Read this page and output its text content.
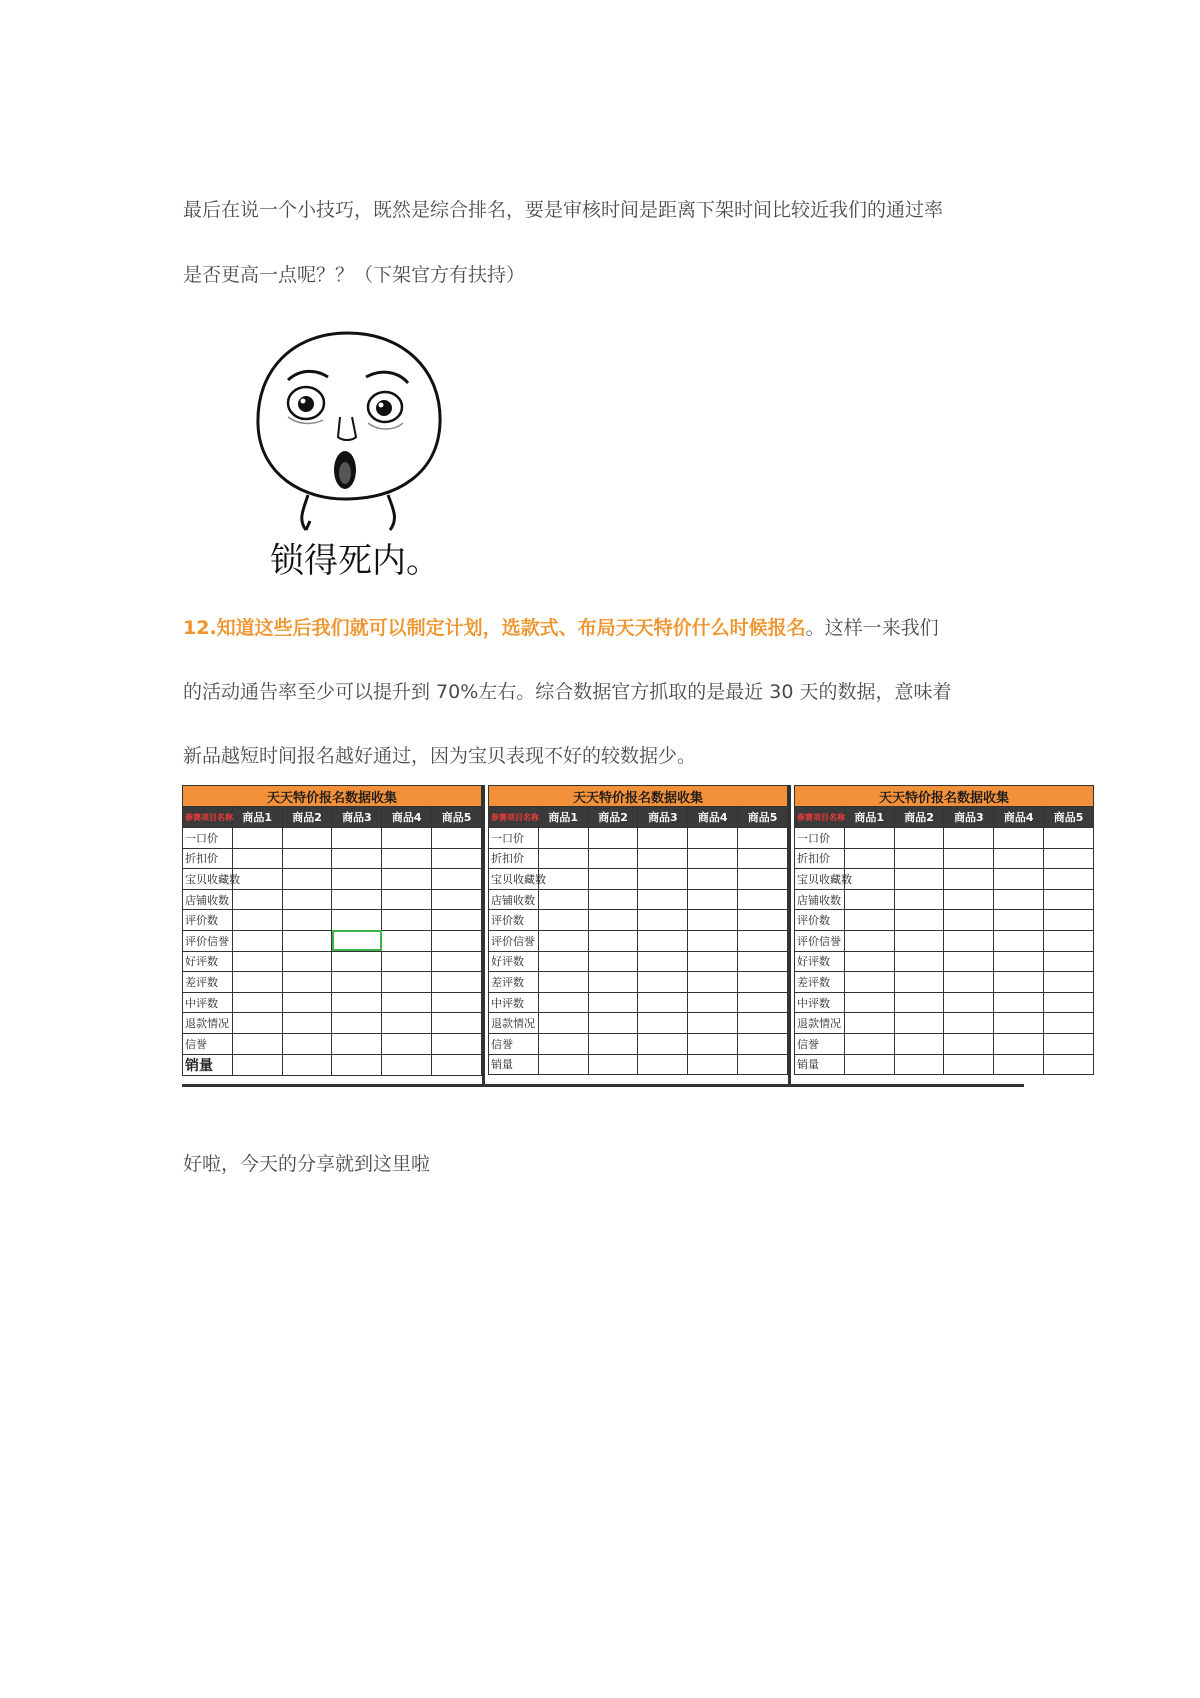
最后在说一个小技巧，既然是综合排名，要是审核时间是距离下架时间比较近我们的通过率
是否更高一点呢？？（下架官方有扶持）
锁得死内。
12.知道这些后我们就可以制定计划，选款式、布局天天特价什么时候报名。这样一来我们
的活动通告率至少可以提升到 70%左右。综合数据官方抓取的是最近 30 天的数据，意味着
新品越短时间报名越好通过，因为宝贝表现不好的较数据少。
天天特价报名数据收集					
参赛项目名称	商品1	商品2	商品3	商品4	商品5
一口价					
折扣价					
宝贝收藏数					
店铺收数					
评价数					
评价信誉					
好评数					
差评数					
中评数					
退款情况					
信誉					
销量					
天天特价报名数据收集					
参赛项目名称	商品1	商品2	商品3	商品4	商品5
一口价					
折扣价					
宝贝收藏数					
店铺收数					
评价数					
评价信誉					
好评数					
差评数					
中评数					
退款情况					
信誉					
销量					
天天特价报名数据收集					
参赛项目名称	商品1	商品2	商品3	商品4	商品5
一口价					
折扣价					
宝贝收藏数					
店铺收数					
评价数					
评价信誉					
好评数					
差评数					
中评数					
退款情况					
信誉					
销量					
好啦，今天的分享就到这里啦
